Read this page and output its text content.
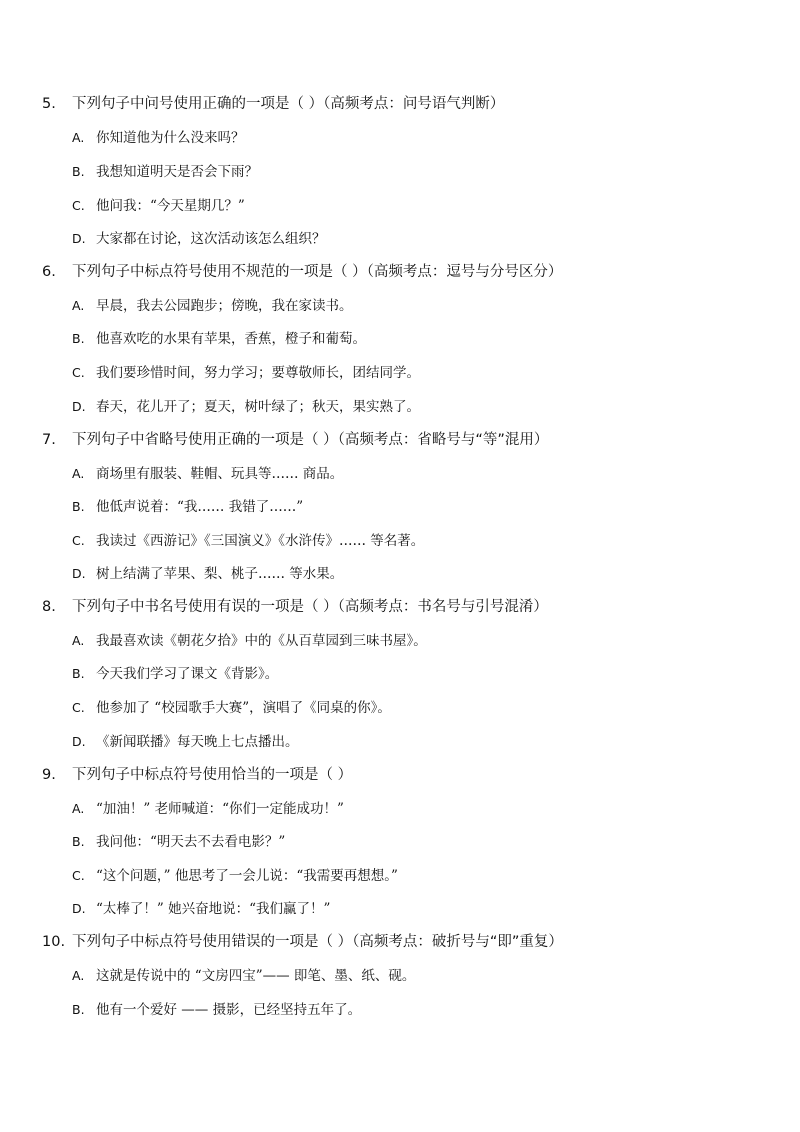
5. 下列句子中问号使用正确的一项是（ ）（高频考点：问号语气判断）
A. 你知道他为什么没来吗？
B. 我想知道明天是否会下雨？
C. 他问我：“今天星期几？”
D. 大家都在讨论，这次活动该怎么组织？
6. 下列句子中标点符号使用不规范的一项是（ ）（高频考点：逗号与分号区分）
A. 早晨，我去公园跑步；傍晚，我在家读书。
B. 他喜欢吃的水果有苹果，香蕉，橙子和葡萄。
C. 我们要珍惜时间，努力学习；要尊敬师长，团结同学。
D. 春天，花儿开了；夏天，树叶绿了；秋天，果实熟了。
7. 下列句子中省略号使用正确的一项是（ ）（高频考点：省略号与“等”混用）
A. 商场里有服装、鞋帽、玩具等…… 商品。
B. 他低声说着：“我…… 我错了……”
C. 我读过《西游记》《三国演义》《水浒传》…… 等名著。
D. 树上结满了苹果、梨、桃子…… 等水果。
8. 下列句子中书名号使用有误的一项是（ ）（高频考点：书名号与引号混淆）
A. 我最喜欢读《朝花夕拾》中的《从百草园到三味书屋》。
B. 今天我们学习了课文《背影》。
C. 他参加了 “校园歌手大赛”，演唱了《同桌的你》。
D. 《新闻联播》每天晚上七点播出。
9. 下列句子中标点符号使用恰当的一项是（ ）
A. “加油！” 老师喊道：“你们一定能成功！”
B. 我问他：“明天去不去看电影？”
C. “这个问题，” 他思考了一会儿说：“我需要再想想。”
D. “太棒了！” 她兴奋地说：“我们赢了！”
10. 下列句子中标点符号使用错误的一项是（ ）（高频考点：破折号与“即”重复）
A. 这就是传说中的 “文房四宝”—— 即笔、墨、纸、砚。
B. 他有一个爱好 —— 摄影，已经坚持五年了。
